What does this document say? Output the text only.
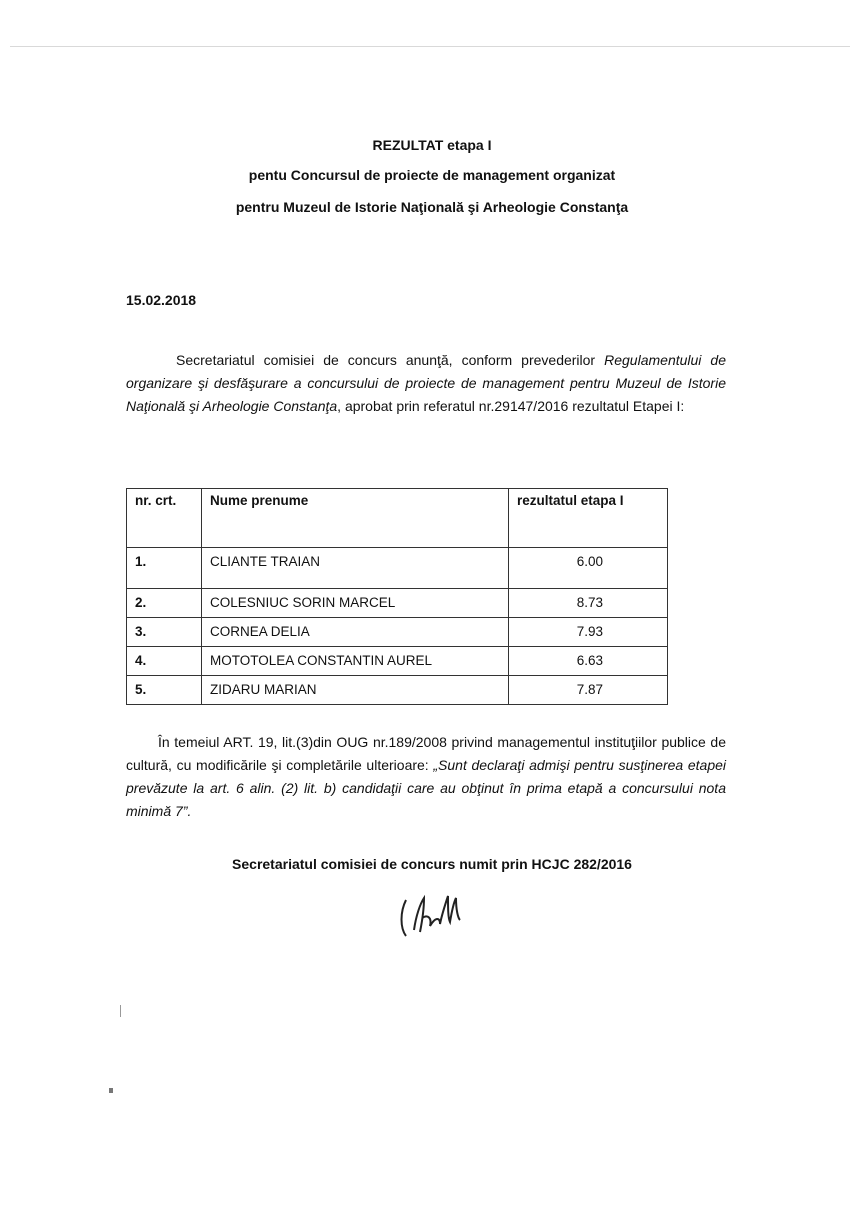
REZULTAT etapa I
pentu Concursul de proiecte de management organizat
pentru Muzeul de Istorie Naţională şi Arheologie Constanţa
15.02.2018
Secretariatul comisiei de concurs anunţă, conform prevederilor Regulamentului de organizare şi desfăşurare a concursului de proiecte de management pentru Muzeul de Istorie Naţională şi Arheologie Constanţa, aprobat prin referatul nr.29147/2016 rezultatul Etapei I:
nr. crt.	Nume prenume	rezultatul etapa I
1.	CLIANTE TRAIAN	6.00
2.	COLESNIUC SORIN MARCEL	8.73
3.	CORNEA DELIA	7.93
4.	MOTOTOLEA CONSTANTIN AUREL	6.63
5.	ZIDARU MARIAN	7.87
În temeiul ART. 19, lit.(3)din OUG nr.189/2008 privind managementul instituţiilor publice de cultură, cu modificările şi completările ulterioare: „Sunt declaraţi admişi pentru susţinerea etapei prevăzute la art. 6 alin. (2) lit. b) candidaţii care au obţinut în prima etapă a concursului nota minimă 7”.
Secretariatul comisiei de concurs numit prin HCJC 282/2016
